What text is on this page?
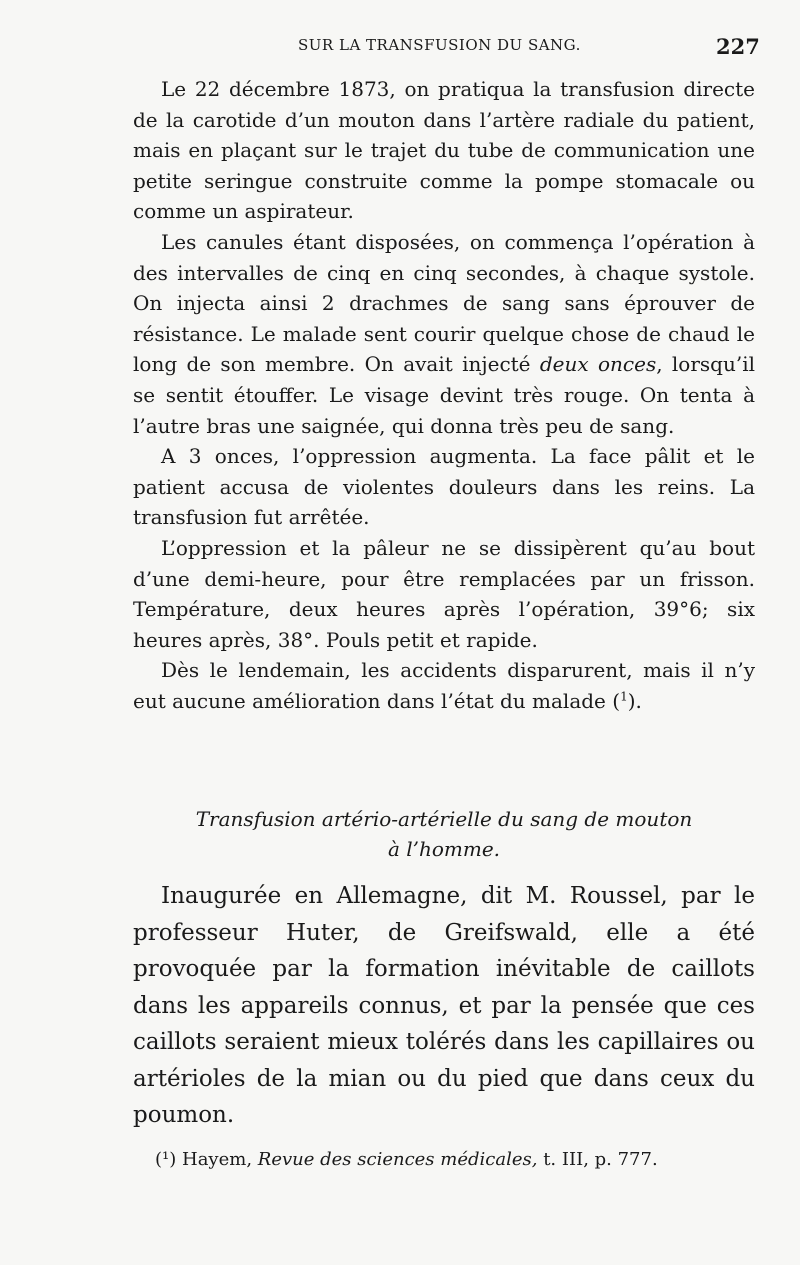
SUR LA TRANSFUSION DU SANG.	227

Le 22 décembre 1873, on pratiqua la transfusion directe de la carotide d’un mouton dans l’artère radiale du patient, mais en plaçant sur le trajet du tube de communication une petite seringue construite comme la pompe stomacale ou comme un aspirateur.

Les canules étant disposées, on commença l’opération à des intervalles de cinq en cinq secondes, à chaque systole. On injecta ainsi 2 drachmes de sang sans éprouver de résistance. Le malade sent courir quelque chose de chaud le long de son membre. On avait injecté deux onces, lorsqu’il se sentit étouffer. Le visage devint très rouge. On tenta à l’autre bras une saignée, qui donna très peu de sang.

A 3 onces, l’oppression augmenta. La face pâlit et le patient accusa de violentes douleurs dans les reins. La transfusion fut arrêtée.

L’oppression et la pâleur ne se dissipèrent qu’au bout d’une demi-heure, pour être remplacées par un frisson. Température, deux heures après l’opération, 39°6; six heures après, 38°. Pouls petit et rapide.

Dès le lendemain, les accidents disparurent, mais il n’y eut aucune amélioration dans l’état du malade ($^1$).

Transfusion artério-artérielle du sang de mouton
à l’homme.

Inaugurée en Allemagne, dit M. Roussel, par le professeur Huter, de Greifswald, elle a été provoquée par la formation inévitable de caillots dans les appareils connus, et par la pensée que ces caillots seraient mieux tolérés dans les capillaires ou artérioles de la mian ou du pied que dans ceux du poumon.

(¹) Hayem, Revue des sciences médicales, t. III, p. 777.
